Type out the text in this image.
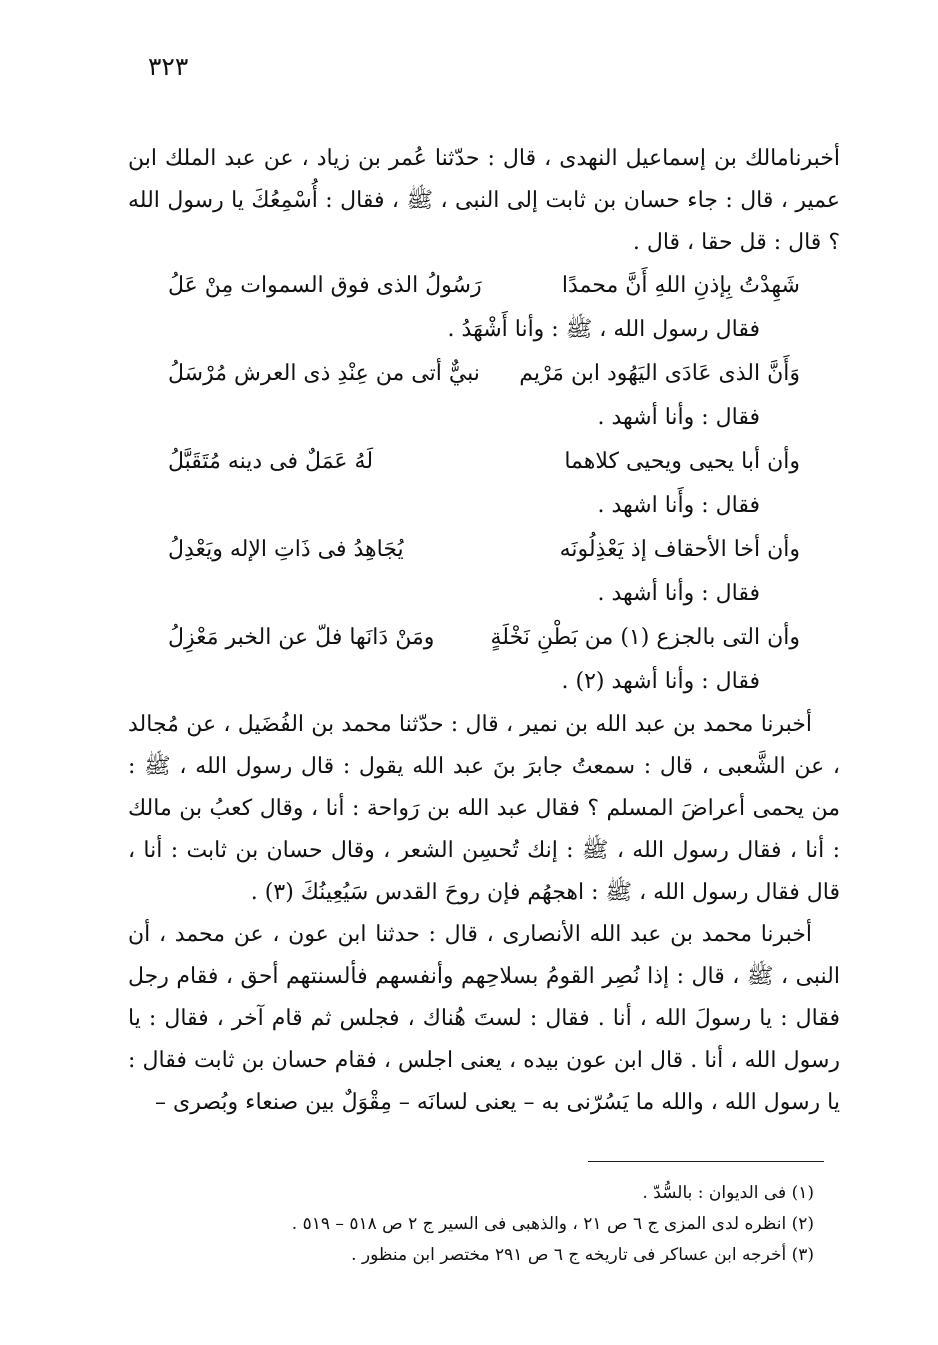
٣٢٣

أخبرنامالك بن إسماعيل النهدى ، قال : حدّثنا عُمر بن زياد ، عن عبد الملك ابن عمير ، قال : جاء حسان بن ثابت إلى النبى ، ﷺ ، فقال : أُسْمِعُكَ يا رسول الله ؟ قال : قل حقا ، قال .

شَهِدْتُ بِإذنِ اللهِ أَنَّ محمدًا
رَسُولُ الذى فوق السموات مِنْ عَلُ
فقال رسول الله ، ﷺ : وأنا أَشْهَدُ .
وَأَنَّ الذى عَادَى اليَهُود ابن مَرْيم
نبيٌّ أتى من عِنْدِ ذى العرش مُرْسَلُ
فقال : وأنا أشهد .
وأن أبا يحيى ويحيى كلاهما
لَهُ عَمَلٌ فى دينه مُتَقَبَّلُ
فقال : وأَنا اشهد .
وأن أخا الأحقاف إذ يَعْذِلُونَه
يُجَاهِدُ فى ذَاتِ الإله ويَعْدِلُ
فقال : وأنا أشهد .
وأن التى بالجزع (١) من بَطْنِ نَخْلَةٍ
ومَنْ دَانَها فلّ عن الخبر مَعْزِلُ
فقال : وأنا أشهد (٢) .

أخبرنا محمد بن عبد الله بن نمير ، قال : حدّثنا محمد بن الفُضَيل ، عن مُجالد ، عن الشَّعبى ، قال : سمعتُ جابرَ بنَ عبد الله يقول : قال رسول الله ، ﷺ : من يحمى أعراضَ المسلم ؟ فقال عبد الله بن رَواحة : أنا ، وقال كعبُ بن مالك : أنا ، فقال رسول الله ، ﷺ : إنك تُحسِن الشعر ، وقال حسان بن ثابت : أنا ، قال فقال رسول الله ، ﷺ : اهجهُم فإن روحَ القدس سَيُعِينُكَ (٣) .

أخبرنا محمد بن عبد الله الأنصارى ، قال : حدثنا ابن عون ، عن محمد ، أن النبى ، ﷺ ، قال : إذا نُصِر القومُ بسلاحِهم وأنفسهم فألسنتهم أحق ، فقام رجل فقال : يا رسولَ الله ، أنا . فقال : لستَ هُناك ، فجلس ثم قام آخر ، فقال : يا رسول الله ، أنا . قال ابن عون بيده ، يعنى اجلس ، فقام حسان بن ثابت فقال : يا رسول الله ، والله ما يَسُرّنى به – يعنى لسانَه – مِقْوَلٌ بين صنعاء وبُصرى –

(١) فى الديوان : بالسُّدّ .
(٢) انظره لدى المزى ج ٦ ص ٢١ ، والذهبى فى السير ج ٢ ص ٥١٨ – ٥١٩ .
(٣) أخرجه ابن عساكر فى تاريخه ج ٦ ص ٢٩١ مختصر ابن منظور .
